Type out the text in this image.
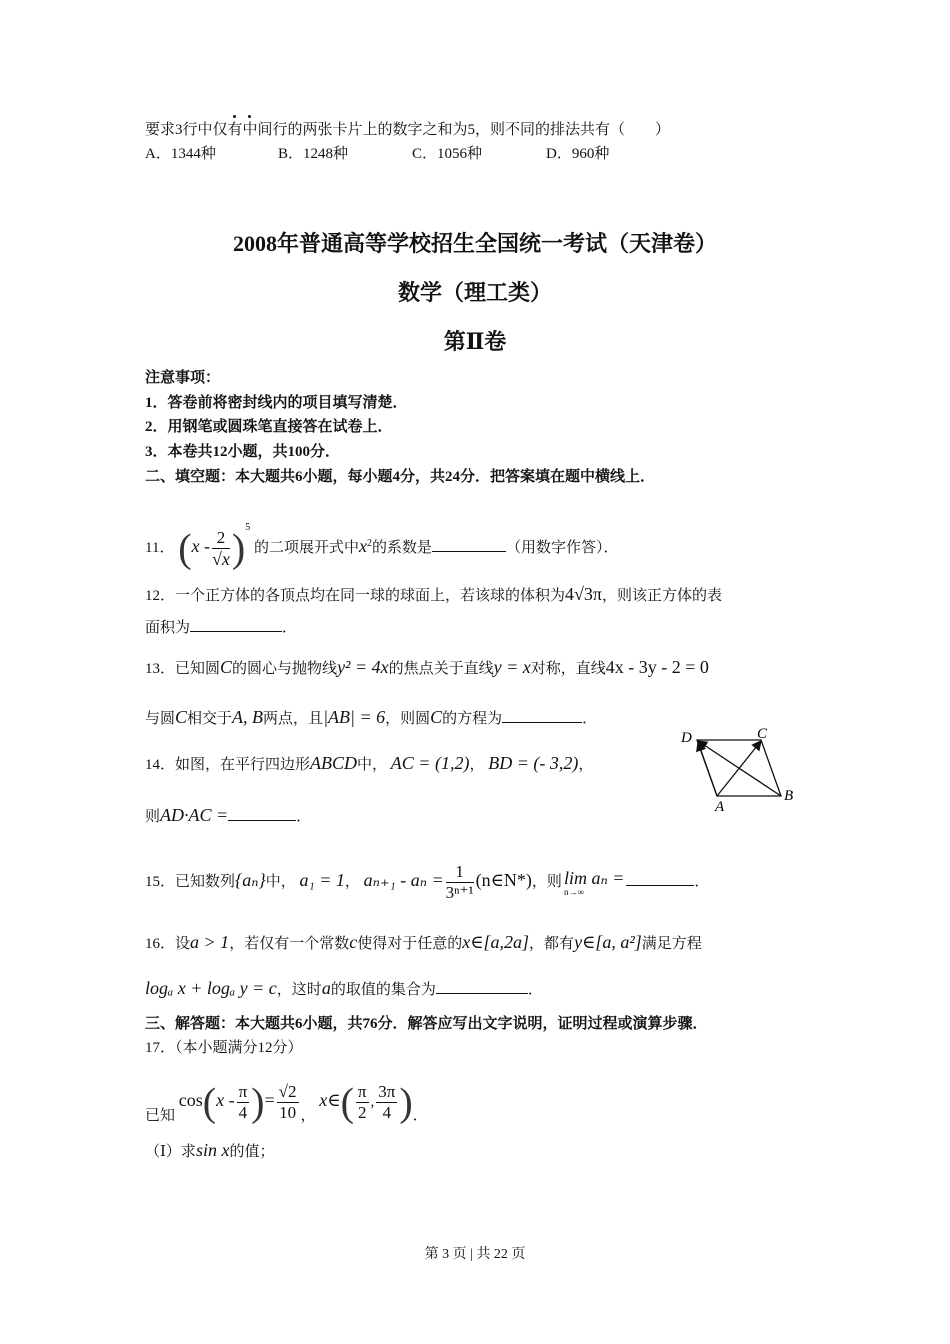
要求3行中仅有中间行的两张卡片上的数字之和为5，则不同的排法共有（　　）
A．1344种	B．1248种	C．1056种	D．960种
2008年普通高等学校招生全国统一考试（天津卷）
数学（理工类）
第Ⅱ卷
注意事项：
1．答卷前将密封线内的项目填写清楚．
2．用钢笔或圆珠笔直接答在试卷上．
3．本卷共12小题，共100分．
二、填空题：本大题共6小题，每小题4分，共24分．把答案填在题中横线上．
11． $(x - \frac{2}{√x} )^5$ 的二项展开式中$x^2$的系数是	（用数字作答）．
12．一个正方体的各顶点均在同一球的球面上，若该球的体积为4√3π，则该正方体的表
面积为	．
13．已知圆C的圆心与抛物线y² = 4x的焦点关于直线y = x对称，直线4x - 3y - 2 = 0
与圆C相交于A, B两点，且|AB| = 6，则圆C的方程为	．
D	C
A
B
14．如图，在平行四边形ABCD中， AC = (1,2)， BD = (- 3,2)，
则AD·AC =	．
15．已知数列{aₙ}中， a₁ = 1， $a_{n+1} - a_n = \frac{1}{\text{3ⁿ⁺¹}}$ (n∈N*)，则 lim aₙ =
n→∞
．
16．设a > 1，若仅有一个常数c使得对于任意的x∈[a,2a]，都有y∈[a, a²]满足方程
logₐ x + logₐ y = c，这时a的取值的集合为	．
三、解答题：本大题共6小题，共76分．解答应写出文字说明，证明过程或演算步骤．
17．（本小题满分12分）
已知 $\cos(x - \frac{\pi}{4}$ )= $\frac{√2}{10}$ ， x∈( $\frac{\pi}{2}$ , $\frac{3\pi}{4}$ )．
（Ⅰ）求sin x的值；
第 3 页 | 共 22 页
